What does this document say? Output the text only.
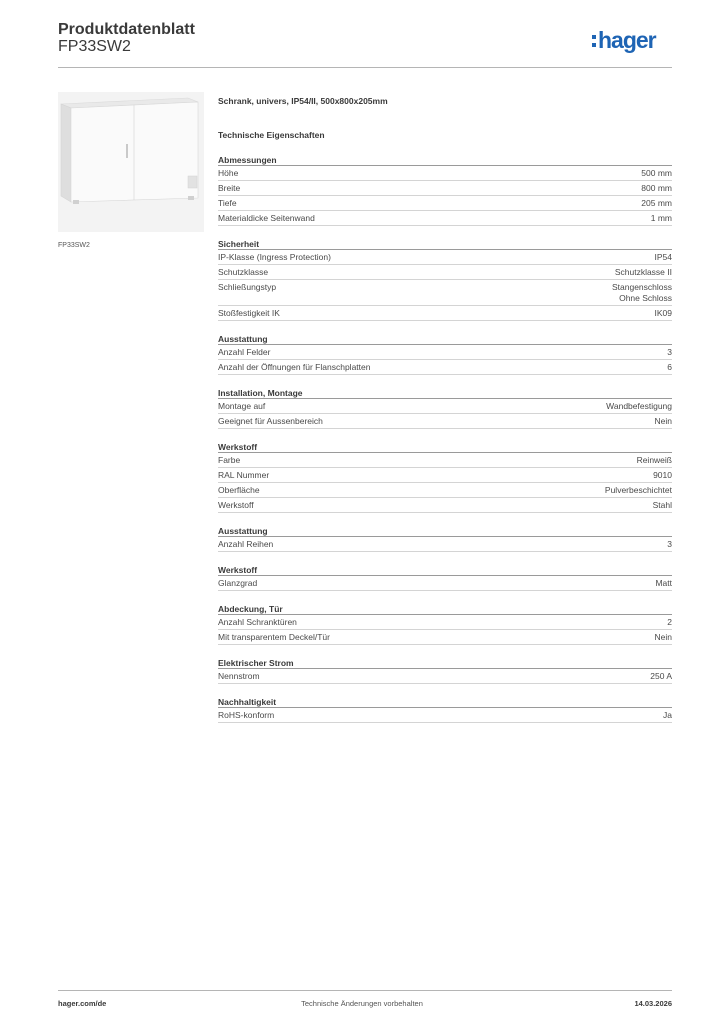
Produktdatenblatt
FP33SW2	hager
FP33SW2
Schrank, univers, IP54/II, 500x800x205mm
Technische Eigenschaften
Abmessungen
Höhe	500 mm
Breite	800 mm
Tiefe	205 mm
Materialdicke Seitenwand	1 mm
Sicherheit
IP-Klasse (Ingress Protection)	IP54
Schutzklasse	Schutzklasse II
Schließungstyp	Stangenschloss
Ohne Schloss
Stoßfestigkeit IK	IK09
Ausstattung
Anzahl Felder	3
Anzahl der Öffnungen für Flanschplatten	6
Installation, Montage
Montage auf	Wandbefestigung
Geeignet für Aussenbereich	Nein
Werkstoff
Farbe	Reinweiß
RAL Nummer	9010
Oberfläche	Pulverbeschichtet
Werkstoff	Stahl
Ausstattung
Anzahl Reihen	3
Werkstoff
Glanzgrad	Matt
Abdeckung, Tür
Anzahl Schranktüren	2
Mit transparentem Deckel/Tür	Nein
Elektrischer Strom
Nennstrom	250 A
Nachhaltigkeit
RoHS-konform	Ja
hager.com/de	Technische Änderungen vorbehalten	14.03.2026
